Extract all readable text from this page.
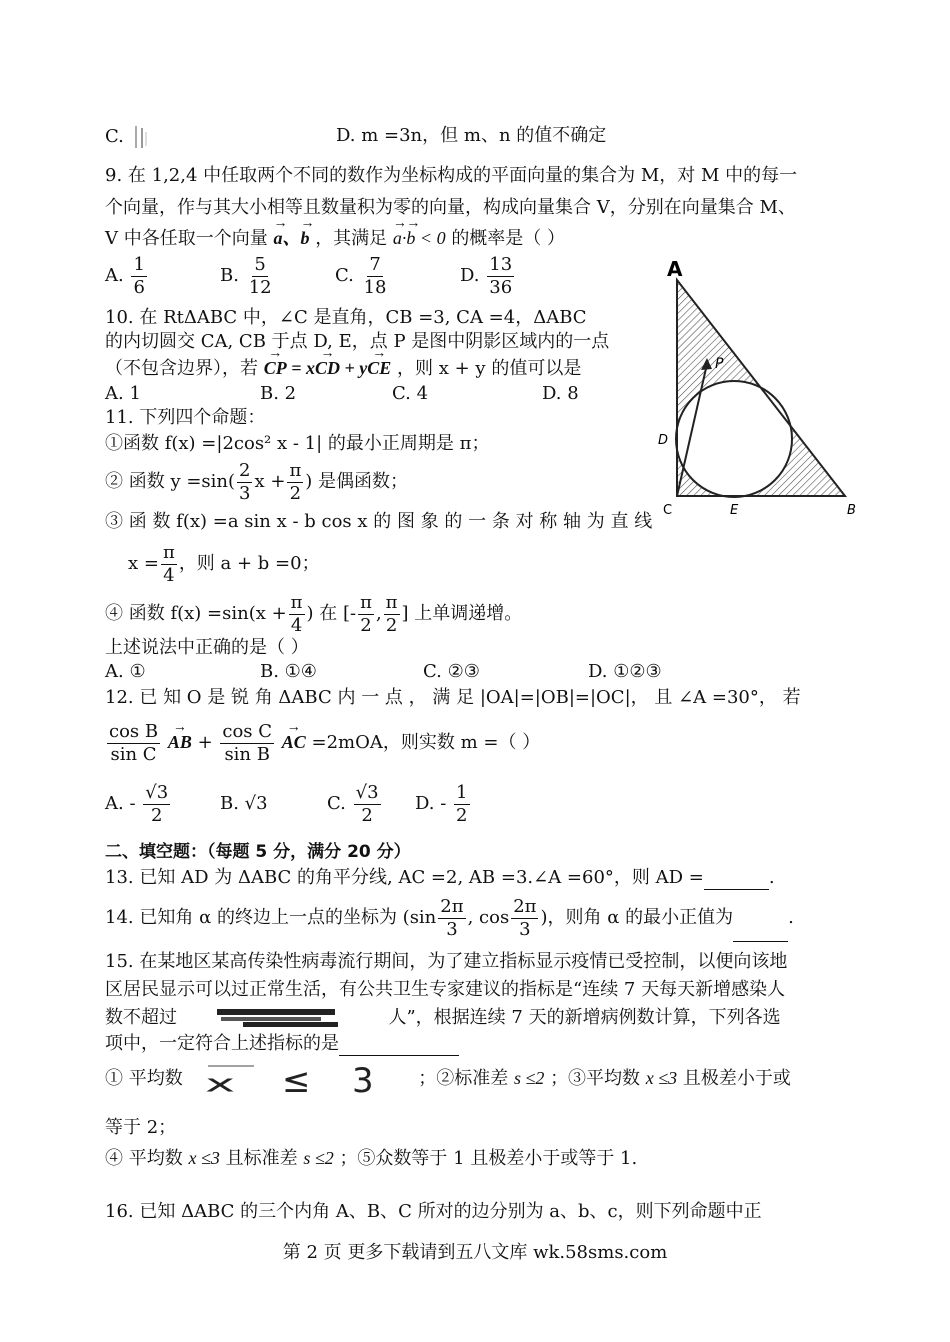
C.	D. m =3n，但 m、n 的值不确定
9. 在 1,2,4 中任取两个不同的数作为坐标构成的平面向量的集合为 M，对 M 中的每一
个向量，作与其大小相等且数量积为零的向量，构成向量集合 V，分别在向量集合 M、
V 中各任取一个向量 → a、→ b ，其满足 → a·→ b < 0 的概率是（ ）
A. $\frac{1}{6}$	B. $\frac{5}{12}$	C. $\frac{7}{18}$	D. $\frac{13}{36}$
10. 在 RtΔABC 中，∠C 是直角，CB =3, CA =4，ΔABC
的内切圆交 CA, CB 于点 D, E，点 P 是图中阴影区域内的一点
（不包含边界），若 → CP = x→ CD + y→ CE ，则 x + y 的值可以是
A. 1	B. 2	C. 4	D. 8
11. 下列四个命题：
①函数 f(x) =|2cos² x - 1| 的最小正周期是 π；
② 函数 $y =\sin( \frac{2}{3}$ $x + \frac{\pi}{2}$ ) 是偶函数；
③ 函 数 f(x) =a sin x - b cos x 的 图 象 的 一 条 对 称 轴 为 直 线
$x = \frac{\pi}{4}$ ，则 a + b =0；
④ 函数 $f(x) =\sin(x + \frac{\pi}{4}$ ) 在 [- $\frac{\pi}{2}$ , $\frac{\pi}{2}$ ] 上单调递增。
上述说法中正确的是（ ）
A. ①	B. ①④	C. ②③	D. ①②③
12. 已 知 O 是 锐 角 ΔABC 内 一 点 ， 满 足 |OA|=|OB|=|OC|， 且 ∠A =30°， 若
$\frac{\text{cos B}}{\text{sin C}}$ → AB + $\frac{\text{cos C}}{\text{sin B}}$ → AC =2mOA，则实数 m =（ ）
A. - $\frac{√3}{2}$	B. √3	C. $\frac{√3}{2} D$. - $\frac{1}{2}$
二、填空题：（每题 5 分，满分 20 分）
13. 已知 AD 为 ΔABC 的角平分线, AC =2, AB =3.∠A =60°，则 AD =	.
14. 已知角 α 的终边上一点的坐标为 ($\sin \frac{2\pi}{3}$ , $\cos \frac{2\pi}{3}$ )，则角 α 的最小正值为	.
15. 在某地区某高传染性病毒流行期间，为了建立指标显示疫情已受控制，以便向该地
区居民显示可以过正常生活，有公共卫生专家建议的指标是“连续 7 天每天新增感染人
数不超过	人”，根据连续 7 天的新增病例数计算，下列各选
项中，一定符合上述指标的是
① 平均数 x ≤ 3 ；②标准差 s ≤2 ；③平均数 x ≤3 且极差小于或
等于 2；
④ 平均数 x ≤3 且标准差 s ≤2 ；⑤众数等于 1 且极差小于或等于 1.
16. 已知 ΔABC 的三个内角 A、B、C 所对的边分别为 a、b、c，则下列命题中正
第 2 页 更多下载请到五八文库 wk.58sms.com
A
P
D
C	E	B
